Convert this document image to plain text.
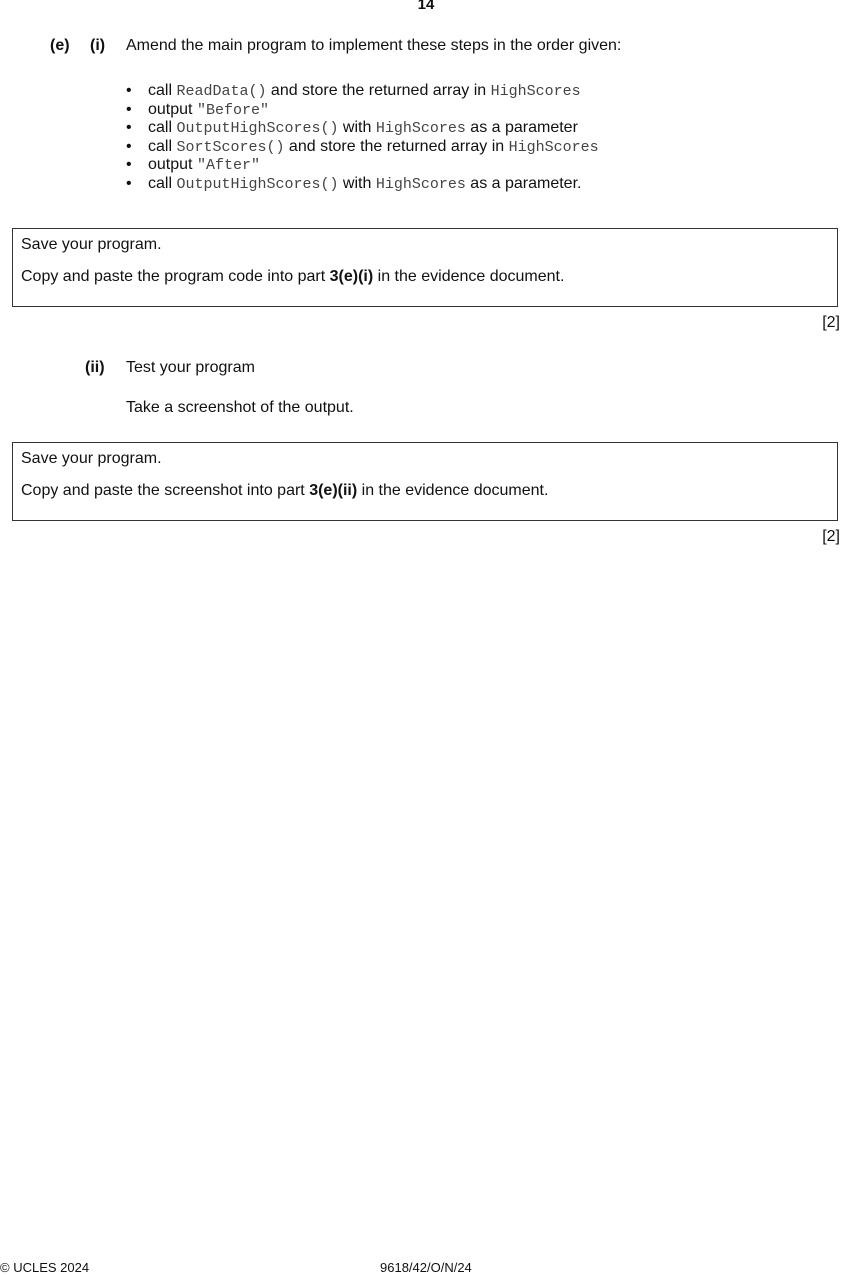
14
(e) (i) Amend the main program to implement these steps in the order given:
• call ReadData() and store the returned array in HighScores
• output "Before"
• call OutputHighScores() with HighScores as a parameter
• call SortScores() and store the returned array in HighScores
• output "After"
• call OutputHighScores() with HighScores as a parameter.

Save your program.

Copy and paste the program code into part 3(e)(i) in the evidence document.

[2]
(ii) Test your program
Take a screenshot of the output.

Save your program.

Copy and paste the screenshot into part 3(e)(ii) in the evidence document.

[2]
© UCLES 2024	9618/42/O/N/24
